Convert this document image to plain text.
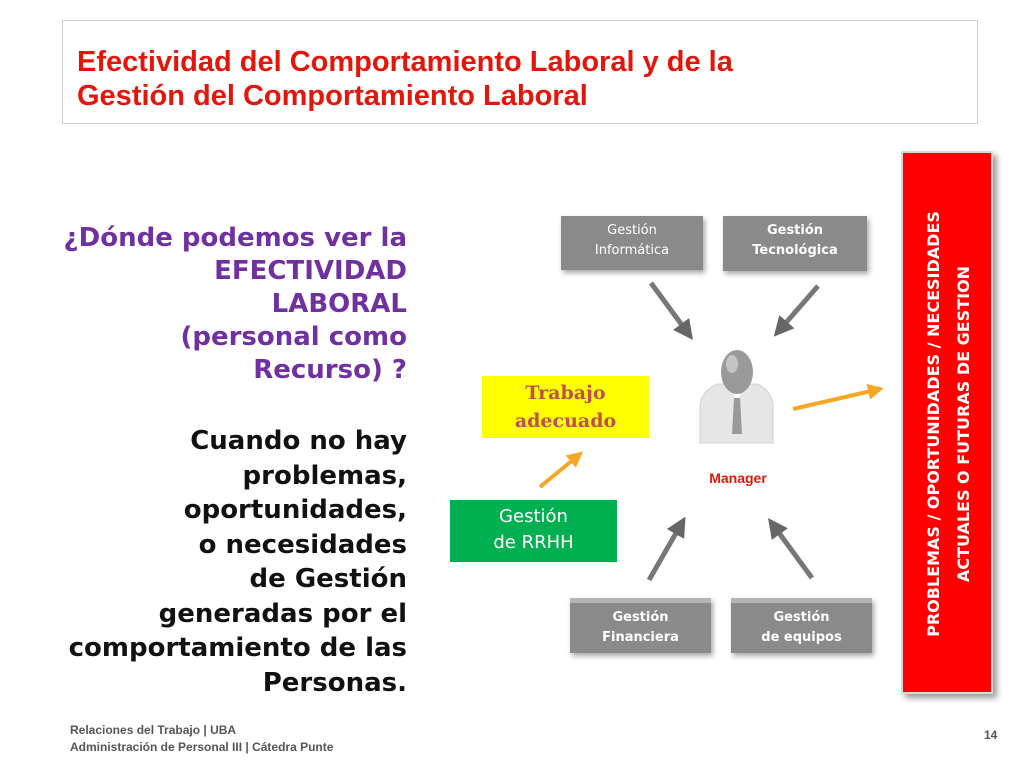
Efectividad del Comportamiento Laboral y de la
Gestión del Comportamiento Laboral
¿Dónde podemos ver la
EFECTIVIDAD
LABORAL
(personal como
Recurso) ?
Cuando no hay
problemas,
oportunidades,
o necesidades
de Gestión
generadas por el
comportamiento de las
Personas.
Gestión
Informática
Gestión
Tecnológica
Gestión
Financiera
Gestión
de equipos
Trabajo
adecuado
Gestión
de RRHH
Manager	PROBLEMAS / OPORTUNIDADES / NECESIDADES ACTUALES O FUTURAS DE GESTION
Relaciones del Trabajo | UBA
Administración de Personal III | Cátedra Punte
14
